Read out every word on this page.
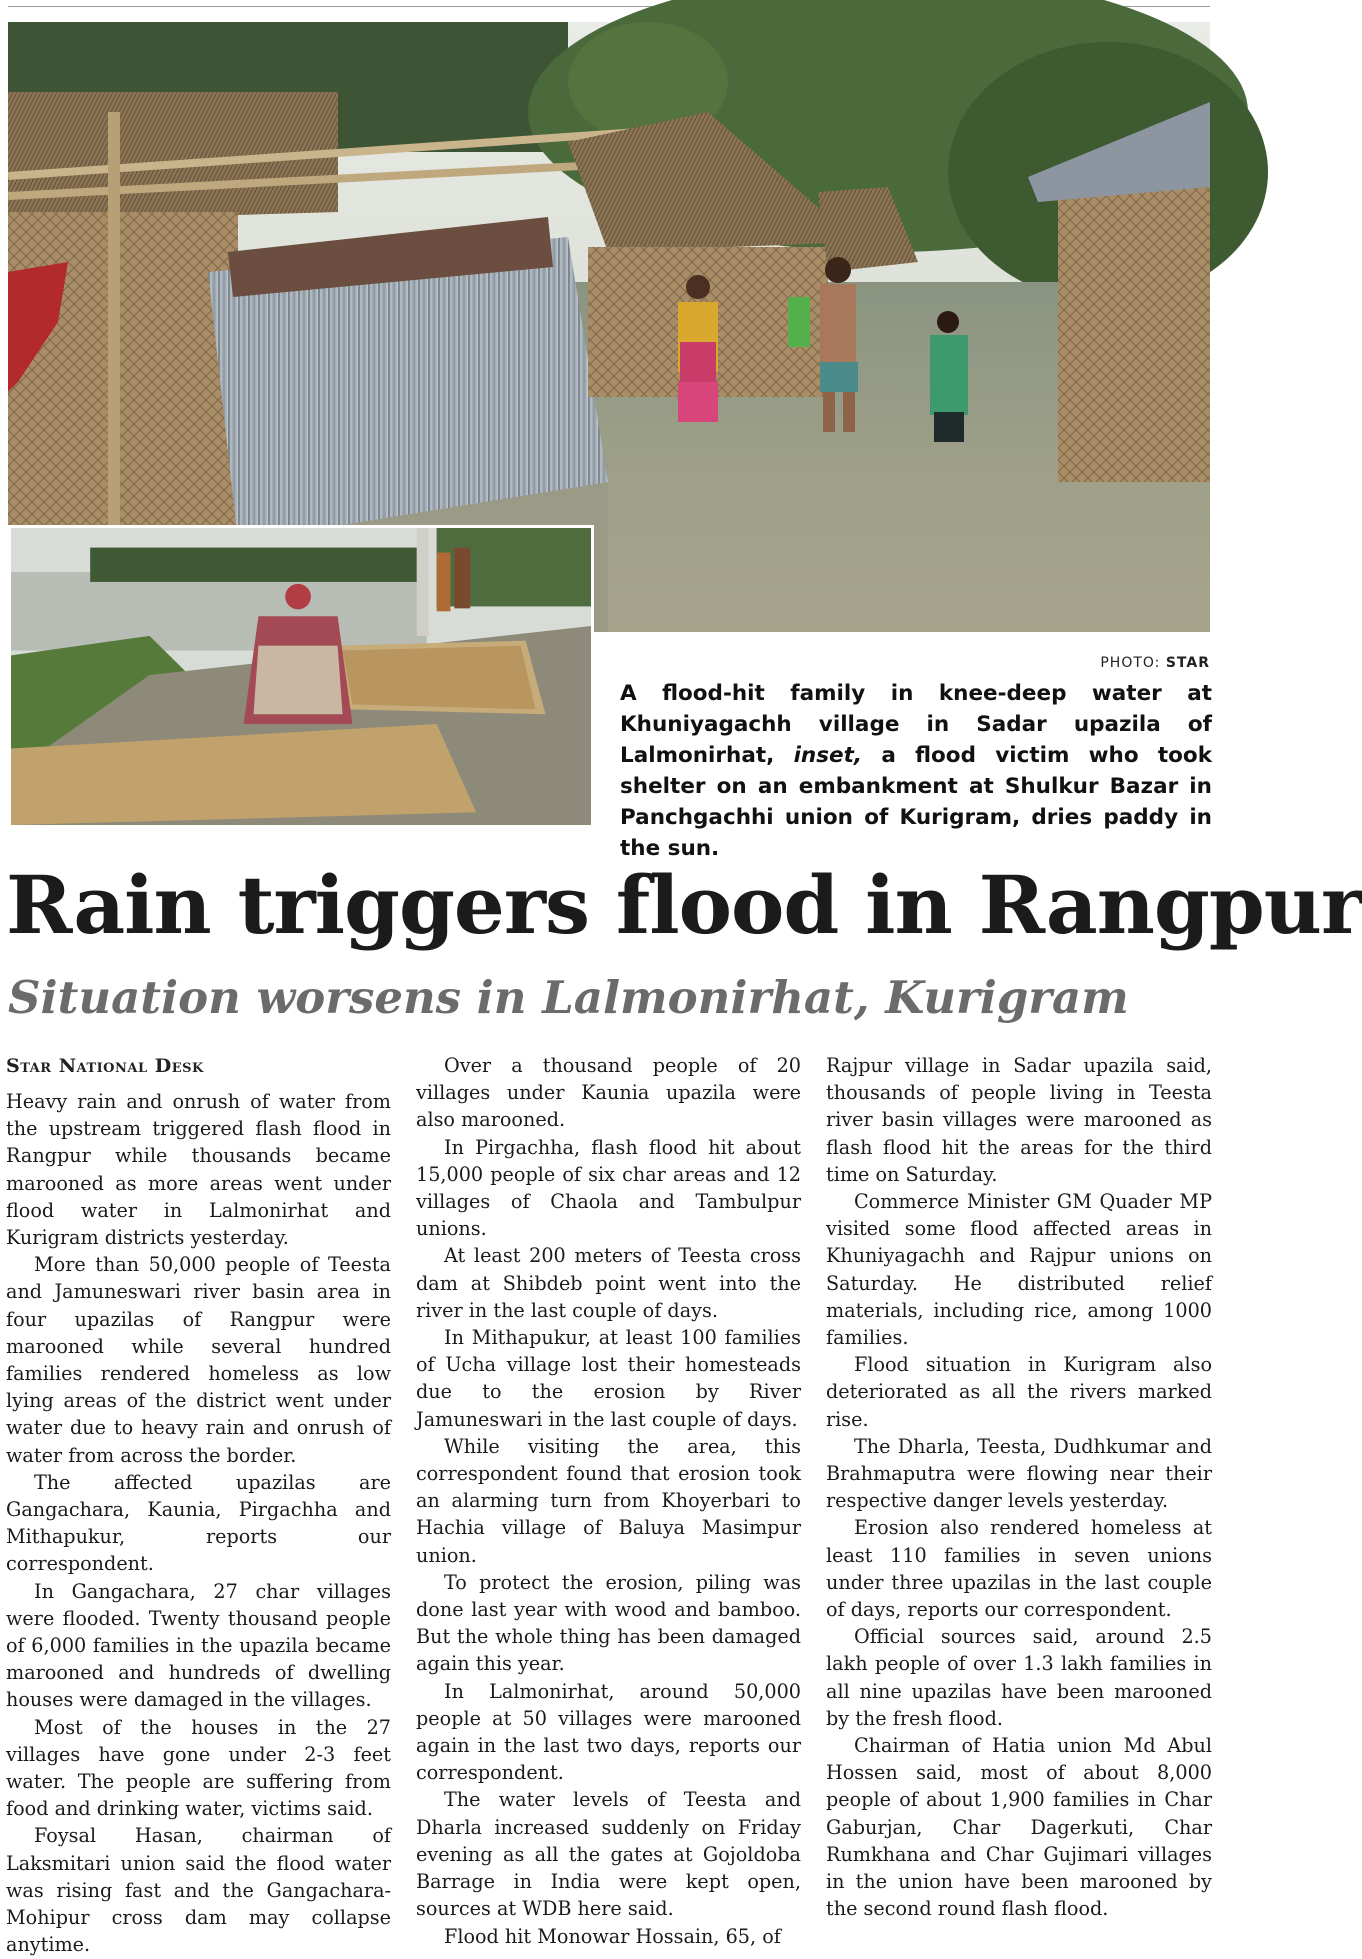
PHOTO: STAR
A flood-hit family in knee-deep water at Khuniyagachh village in Sadar upazila of Lalmonirhat, inset, a flood victim who took shelter on an embankment at Shulkur Bazar in Panchgachhi union of Kurigram, dries paddy in the sun.
Rain triggers flood in Rangpur
Situation worsens in Lalmonirhat, Kurigram
Star National Desk

Heavy rain and onrush of water from the upstream triggered flash flood in Rangpur while thousands became marooned as more areas went under flood water in Lalmonirhat and Kurigram districts yesterday.

More than 50,000 people of Teesta and Jamuneswari river basin area in four upazilas of Rangpur were marooned while several hundred families rendered homeless as low lying areas of the district went under water due to heavy rain and onrush of water from across the border.

The affected upazilas are Gangachara, Kaunia, Pirgachha and Mithapukur, reports our correspondent.

In Gangachara, 27 char villages were flooded. Twenty thousand people of 6,000 families in the upazila became marooned and hundreds of dwelling houses were damaged in the villages.

Most of the houses in the 27 villages have gone under 2-3 feet water. The people are suffering from food and drinking water, victims said.

Foysal Hasan, chairman of Laksmitari union said the flood water was rising fast and the Gangachara-Mohipur cross dam may collapse anytime.

Over a thousand people of 20 villages under Kaunia upazila were also marooned.

In Pirgachha, flash flood hit about 15,000 people of six char areas and 12 villages of Chaola and Tambulpur unions.

At least 200 meters of Teesta cross dam at Shibdeb point went into the river in the last couple of days.

In Mithapukur, at least 100 families of Ucha village lost their homesteads due to the erosion by River Jamuneswari in the last couple of days.

While visiting the area, this correspondent found that erosion took an alarming turn from Khoyerbari to Hachia village of Baluya Masimpur union.

To protect the erosion, piling was done last year with wood and bamboo. But the whole thing has been damaged again this year.

In Lalmonirhat, around 50,000 people at 50 villages were marooned again in the last two days, reports our correspondent.

The water levels of Teesta and Dharla increased suddenly on Friday evening as all the gates at Gojoldoba Barrage in India were kept open, sources at WDB here said.

Flood hit Monowar Hossain, 65, of

Rajpur village in Sadar upazila said, thousands of people living in Teesta river basin villages were marooned as flash flood hit the areas for the third time on Saturday.

Commerce Minister GM Quader MP visited some flood affected areas in Khuniyagachh and Rajpur unions on Saturday. He distributed relief materials, including rice, among 1000 families.

Flood situation in Kurigram also deteriorated as all the rivers marked rise.

The Dharla, Teesta, Dudhkumar and Brahmaputra were flowing near their respective danger levels yesterday.

Erosion also rendered homeless at least 110 families in seven unions under three upazilas in the last couple of days, reports our correspondent.

Official sources said, around 2.5 lakh people of over 1.3 lakh families in all nine upazilas have been marooned by the fresh flood.

Chairman of Hatia union Md Abul Hossen said, most of about 8,000 people of about 1,900 families in Char Gaburjan, Char Dagerkuti, Char Rumkhana and Char Gujimari villages in the union have been marooned by the second round flash flood.
